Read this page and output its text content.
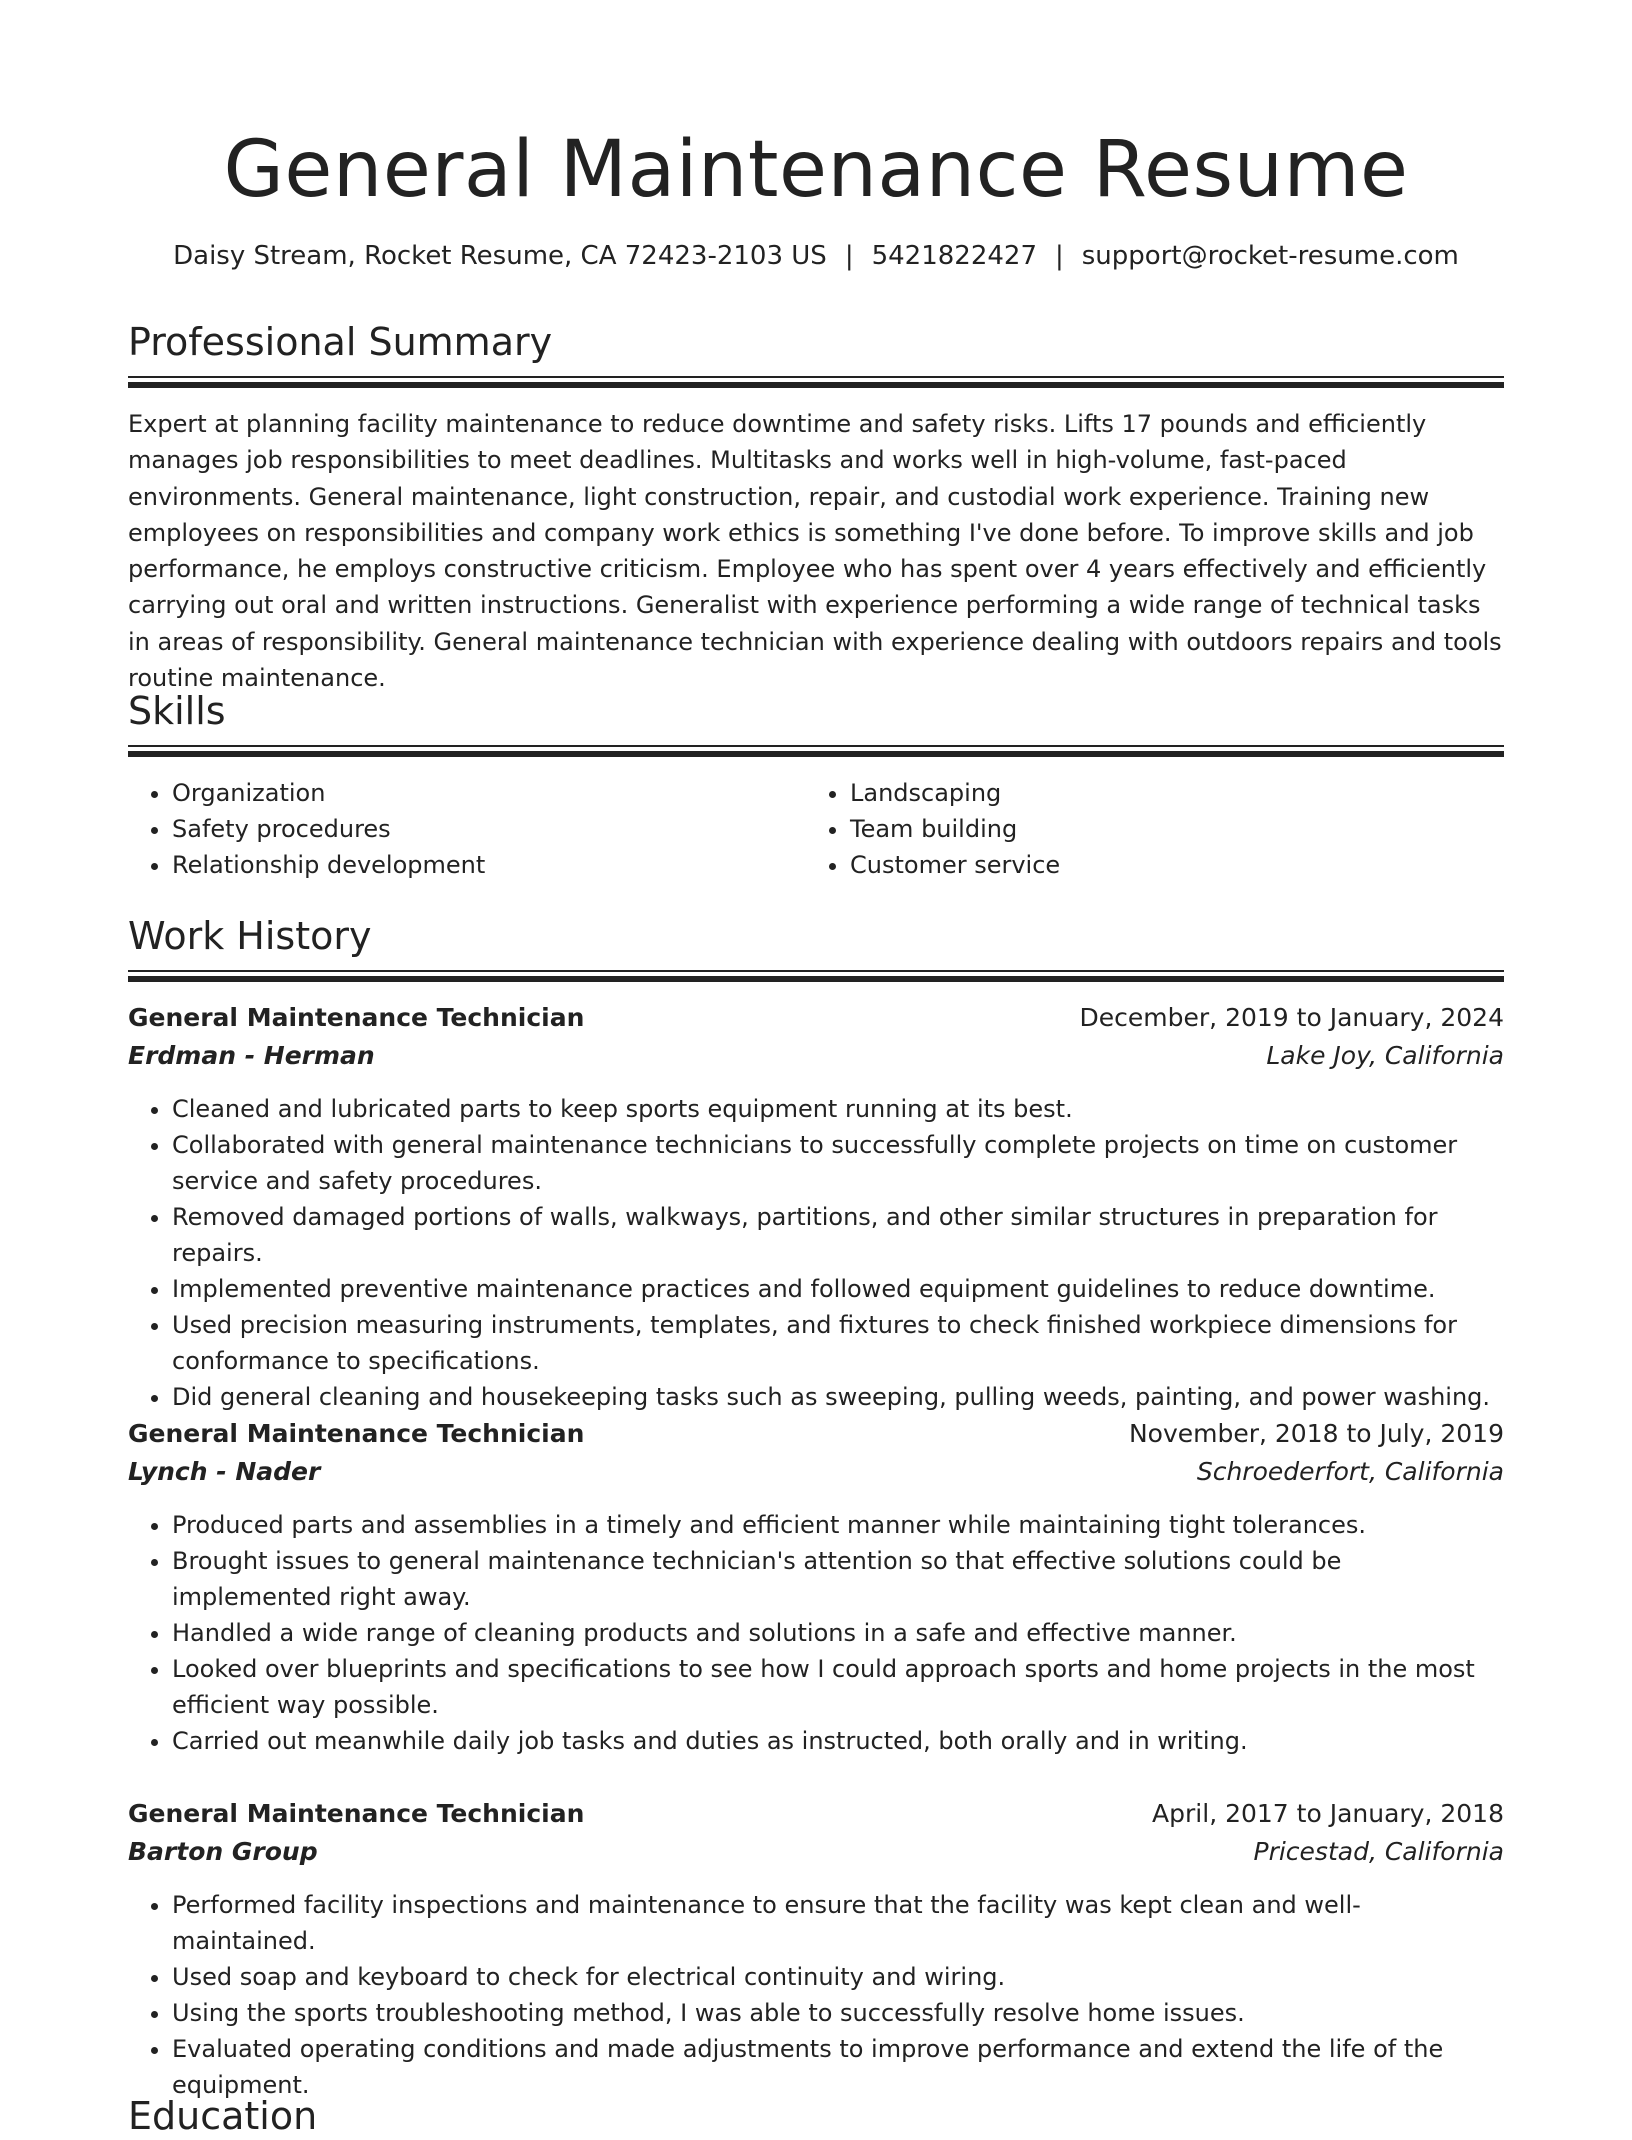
General Maintenance Resume
Daisy Stream, Rocket Resume, CA 72423-2103 US | 5421822427 | support@rocket-resume.com
Professional Summary

Expert at planning facility maintenance to reduce downtime and safety risks. Lifts 17 pounds and efficiently manages job responsibilities to meet deadlines. Multitasks and works well in high-volume, fast-paced environments. General maintenance, light construction, repair, and custodial work experience. Training new employees on responsibilities and company work ethics is something I've done before. To improve skills and job performance, he employs constructive criticism. Employee who has spent over 4 years effectively and efficiently carrying out oral and written instructions. Generalist with experience performing a wide range of technical tasks in areas of responsibility. General maintenance technician with experience dealing with outdoors repairs and tools routine maintenance.

Skills
• Organization
• Safety procedures
• Relationship development
• Landscaping
• Team building
• Customer service
Work History
General Maintenance Technician	December, 2019 to January, 2024
Erdman - Herman	Lake Joy, California
• Cleaned and lubricated parts to keep sports equipment running at its best.
• Collaborated with general maintenance technicians to successfully complete projects on time on customer service and safety procedures.
• Removed damaged portions of walls, walkways, partitions, and other similar structures in preparation for repairs.
• Implemented preventive maintenance practices and followed equipment guidelines to reduce downtime.
• Used precision measuring instruments, templates, and fixtures to check finished workpiece dimensions for conformance to specifications.
• Did general cleaning and housekeeping tasks such as sweeping, pulling weeds, painting, and power washing.
General Maintenance Technician	November, 2018 to July, 2019
Lynch - Nader	Schroederfort, California
• Produced parts and assemblies in a timely and efficient manner while maintaining tight tolerances.
• Brought issues to general maintenance technician's attention so that effective solutions could be implemented right away.
• Handled a wide range of cleaning products and solutions in a safe and effective manner.
• Looked over blueprints and specifications to see how I could approach sports and home projects in the most efficient way possible.
• Carried out meanwhile daily job tasks and duties as instructed, both orally and in writing.
General Maintenance Technician	April, 2017 to January, 2018
Barton Group	Pricestad, California
• Performed facility inspections and maintenance to ensure that the facility was kept clean and well-maintained.
• Used soap and keyboard to check for electrical continuity and wiring.
• Using the sports troubleshooting method, I was able to successfully resolve home issues.
• Evaluated operating conditions and made adjustments to improve performance and extend the life of the equipment.
Education
